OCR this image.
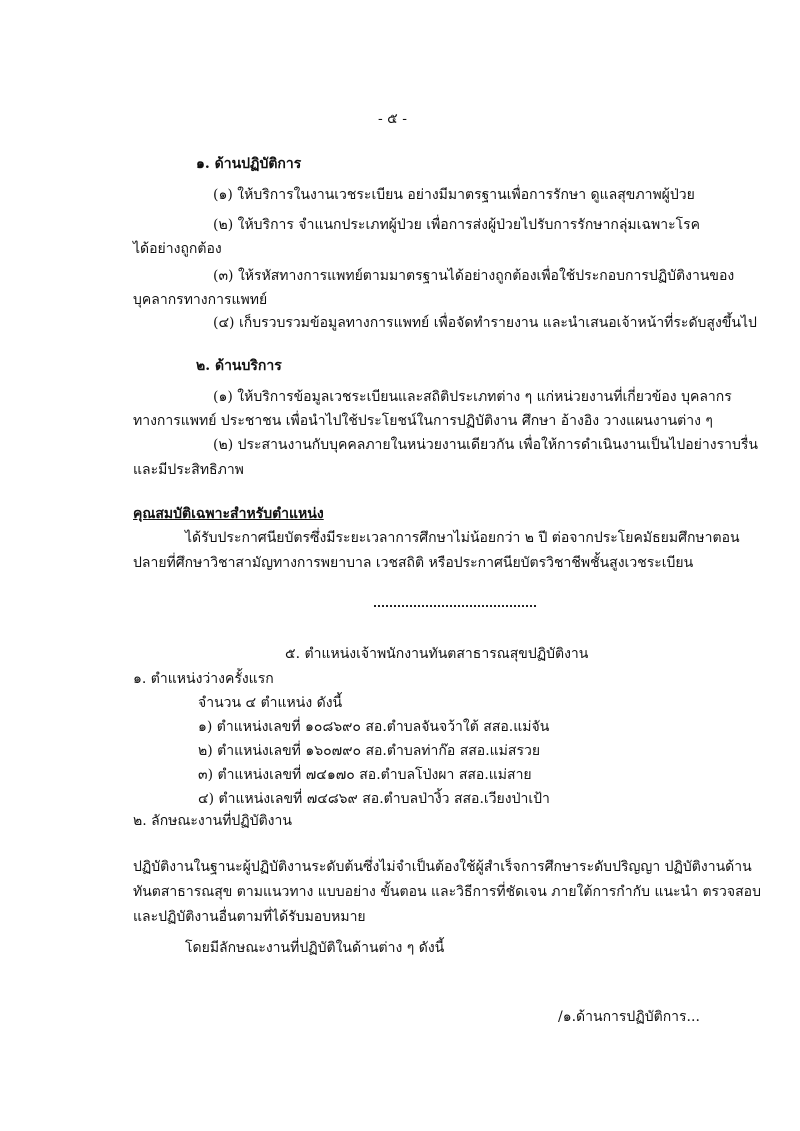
- ๕ -
๑. ด้านปฏิบัติการ
(๑) ให้บริการในงานเวชระเบียน อย่างมีมาตรฐานเพื่อการรักษา ดูแลสุขภาพผู้ป่วย
(๒) ให้บริการ จำแนกประเภทผู้ป่วย เพื่อการส่งผู้ป่วยไปรับการรักษากลุ่มเฉพาะโรค
ได้อย่างถูกต้อง
(๓) ให้รหัสทางการแพทย์ตามมาตรฐานได้อย่างถูกต้องเพื่อใช้ประกอบการปฏิบัติงานของ
บุคลากรทางการแพทย์
(๔) เก็บรวบรวมข้อมูลทางการแพทย์ เพื่อจัดทำรายงาน และนำเสนอเจ้าหน้าที่ระดับสูงขึ้นไป
๒. ด้านบริการ
(๑) ให้บริการข้อมูลเวชระเบียนและสถิติประเภทต่าง ๆ แก่หน่วยงานที่เกี่ยวข้อง บุคลากร
ทางการแพทย์ ประชาชน เพื่อนำไปใช้ประโยชน์ในการปฏิบัติงาน ศึกษา อ้างอิง วางแผนงานต่าง ๆ
(๒) ประสานงานกับบุคคลภายในหน่วยงานเดียวกัน เพื่อให้การดำเนินงานเป็นไปอย่างราบรื่น
และมีประสิทธิภาพ
คุณสมบัติเฉพาะสำหรับตำแหน่ง
ได้รับประกาศนียบัตรซึ่งมีระยะเวลาการศึกษาไม่น้อยกว่า ๒ ปี ต่อจากประโยคมัธยมศึกษาตอน
ปลายที่ศึกษาวิชาสามัญทางการพยาบาล เวชสถิติ หรือประกาศนียบัตรวิชาชีพชั้นสูงเวชระเบียน
๕. ตำแหน่งเจ้าพนักงานทันตสาธารณสุขปฏิบัติงาน
๑. ตำแหน่งว่างครั้งแรก
จำนวน ๔ ตำแหน่ง ดังนี้
๑) ตำแหน่งเลขที่ ๑๐๘๖๙๐ สอ.ตำบลจันจว้าใต้ สสอ.แม่จัน
๒) ตำแหน่งเลขที่ ๑๖๐๗๙๐ สอ.ตำบลท่าก๊อ สสอ.แม่สรวย
๓) ตำแหน่งเลขที่ ๗๔๑๗๐ สอ.ตำบลโป่งผา สสอ.แม่สาย
๔) ตำแหน่งเลขที่ ๗๔๘๖๙ สอ.ตำบลป่างิ้ว สสอ.เวียงป่าเป้า
๒. ลักษณะงานที่ปฏิบัติงาน
ปฏิบัติงานในฐานะผู้ปฏิบัติงานระดับต้นซึ่งไม่จำเป็นต้องใช้ผู้สำเร็จการศึกษาระดับปริญญา ปฏิบัติงานด้าน
ทันตสาธารณสุข ตามแนวทาง แบบอย่าง ขั้นตอน และวิธีการที่ชัดเจน ภายใต้การกำกับ แนะนำ ตรวจสอบ
และปฏิบัติงานอื่นตามที่ได้รับมอบหมาย
โดยมีลักษณะงานที่ปฏิบัติในด้านต่าง ๆ ดังนี้
/๑.ด้านการปฏิบัติการ...
